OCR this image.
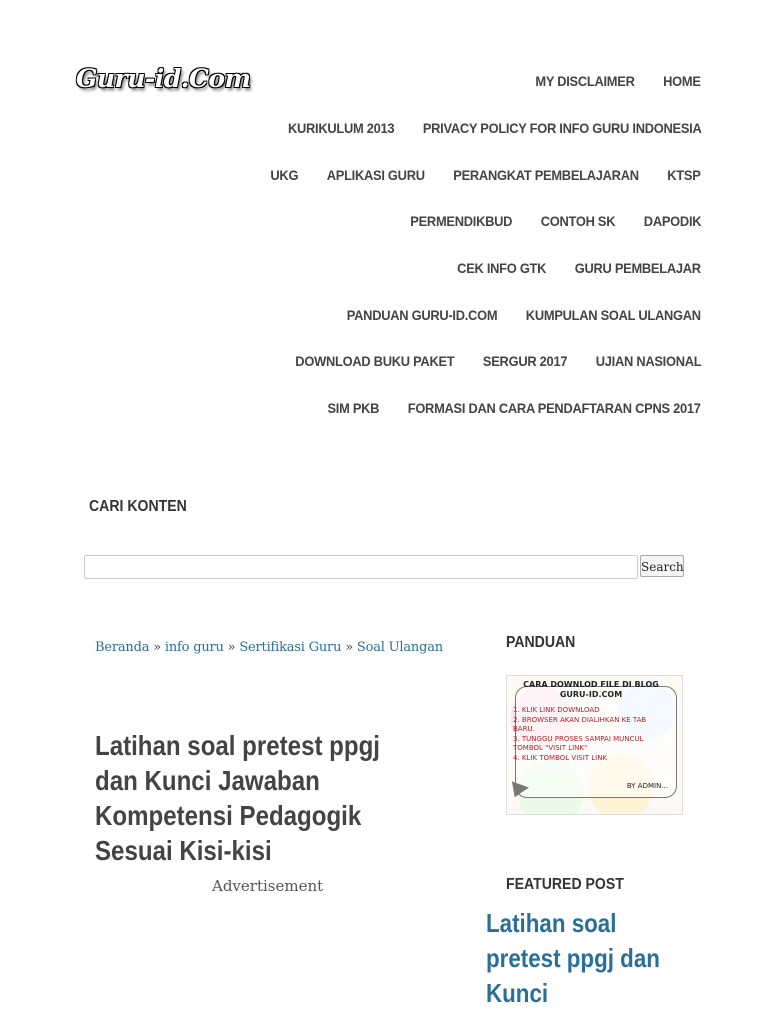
Guru-id.Com	MY DISCLAIMER HOME
KURIKULUM 2013 PRIVACY POLICY FOR INFO GURU INDONESIA
UKG APLIKASI GURU PERANGKAT PEMBELAJARAN KTSP
PERMENDIKBUD CONTOH SK DAPODIK
CEK INFO GTK GURU PEMBELAJAR
PANDUAN GURU-ID.COM KUMPULAN SOAL ULANGAN
DOWNLOAD BUKU PAKET SERGUR 2017 UJIAN NASIONAL
SIM PKB FORMASI DAN CARA PENDAFTARAN CPNS 2017
CARI KONTEN
Search
Beranda » info guru » Sertifikasi Guru » Soal Ulangan
Latihan soal pretest ppgj dan Kunci Jawaban Kompetensi Pedagogik Sesuai Kisi-kisi
Advertisement
PANDUAN
CARA DOWNLOD FILE DI BLOG GURU-ID.COM
1. KLIK LINK DOWNLOAD
2. BROWSER AKAN DIALIHKAN KE TAB BARU.
3. TUNGGU PROSES SAMPAI MUNCUL TOMBOL "VISIT LINK"
4. KLIK TOMBOL VISIT LINK
BY ADMIN...
FEATURED POST
Latihan soal pretest ppgj dan Kunci
